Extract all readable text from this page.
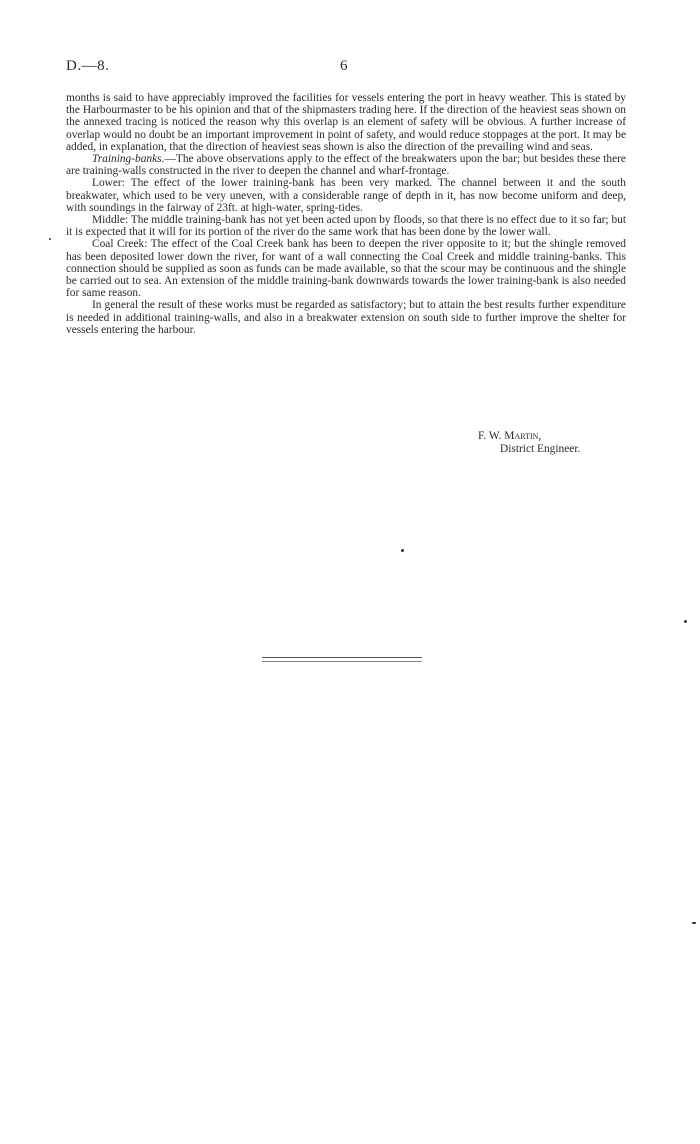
D.—8.	6

months is said to have appreciably improved the facilities for vessels entering the port in heavy weather. This is stated by the Harbourmaster to be his opinion and that of the shipmasters trading here. If the direction of the heaviest seas shown on the annexed tracing is noticed the reason why this overlap is an element of safety will be obvious. A further increase of overlap would no doubt be an important improvement in point of safety, and would reduce stoppages at the port. It may be added, in explanation, that the direction of heaviest seas shown is also the direction of the prevailing wind and seas.

Training-banks.—The above observations apply to the effect of the breakwaters upon the bar; but besides these there are training-walls constructed in the river to deepen the channel and wharf-frontage.

Lower: The effect of the lower training-bank has been very marked. The channel between it and the south breakwater, which used to be very uneven, with a considerable range of depth in it, has now become uniform and deep, with soundings in the fairway of 23ft. at high-water, spring-tides.

Middle: The middle training-bank has not yet been acted upon by floods, so that there is no effect due to it so far; but it is expected that it will for its portion of the river do the same work that has been done by the lower wall.

Coal Creek: The effect of the Coal Creek bank has been to deepen the river opposite to it; but the shingle removed has been deposited lower down the river, for want of a wall connecting the Coal Creek and middle training-banks. This connection should be supplied as soon as funds can be made available, so that the scour may be continuous and the shingle be carried out to sea. An extension of the middle training-bank downwards towards the lower training-bank is also needed for same reason.

In general the result of these works must be regarded as satisfactory; but to attain the best results further expenditure is needed in additional training-walls, and also in a breakwater extension on south side to further improve the shelter for vessels entering the harbour.

F. W. Martin,
District Engineer.
